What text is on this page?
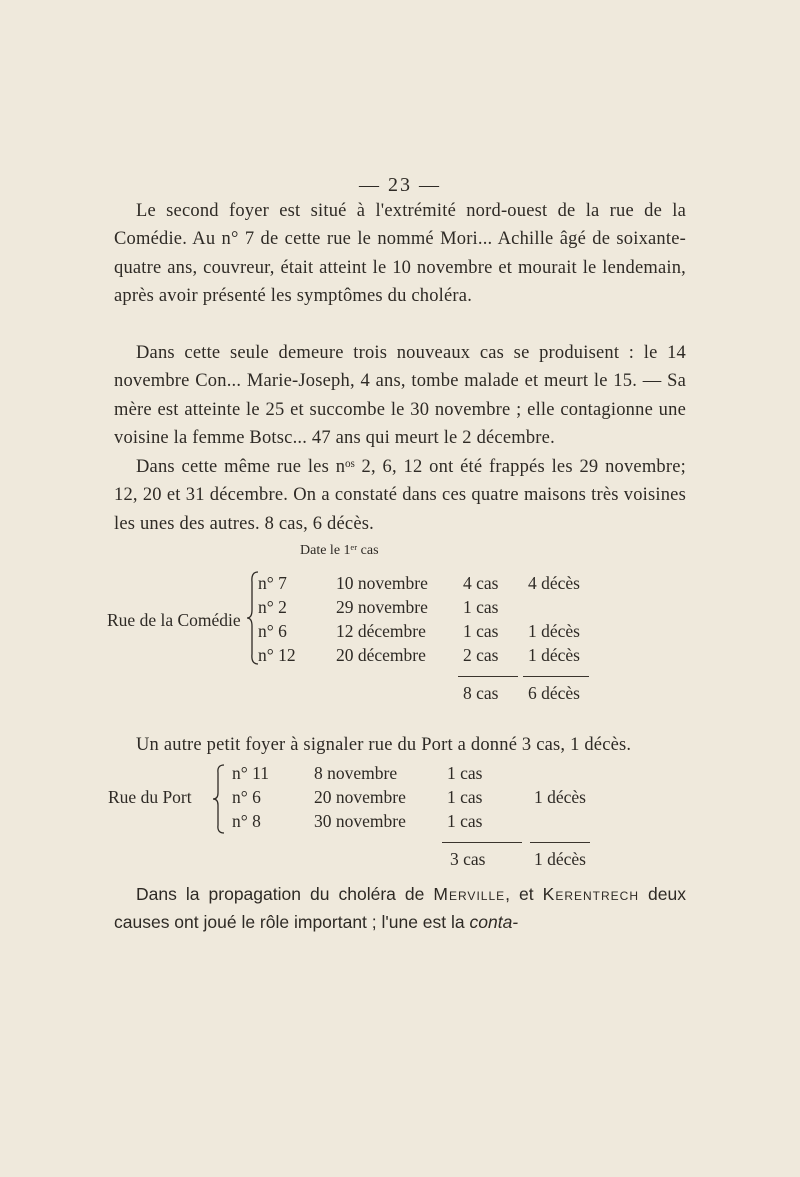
— 23 —
Le second foyer est situé à l'extrémité nord-ouest de la rue de la Comédie. Au n° 7 de cette rue le nommé Mori... Achille âgé de soixante-quatre ans, couvreur, était atteint le 10 novembre et mourait le lendemain, après avoir présenté les symptômes du choléra.
Dans cette seule demeure trois nouveaux cas se produisent : le 14 novembre Con... Marie-Joseph, 4 ans, tombe malade et meurt le 15. — Sa mère est atteinte le 25 et succombe le 30 novembre ; elle contagionne une voisine la femme Botsc... 47 ans qui meurt le 2 décembre.
Dans cette même rue les nᵒˢ 2, 6, 12 ont été frappés les 29 novembre; 12, 20 et 31 décembre. On a constaté dans ces quatre maisons très voisines les unes des autres. 8 cas, 6 décès.
Date le 1ᵉʳ cas
Rue de la Comédie
n° 7	10 novembre 4 cas 4 décès
n° 2	29 novembre 1 cas
n° 6	12 décembre 1 cas 1 décès
n° 12 20 décembre 2 cas 1 décès
8 cas 6 décès
Un autre petit foyer à signaler rue du Port a donné 3 cas, 1 décès.
Rue du Port
n° 11	8 novembre	1 cas
n° 6	20 novembre 1 cas	1 décès
n° 8	30 novembre 1 cas
3 cas	1 décès
Dans la propagation du choléra de Merville, et Kerentrech deux causes ont joué le rôle important ; l'une est la conta-
